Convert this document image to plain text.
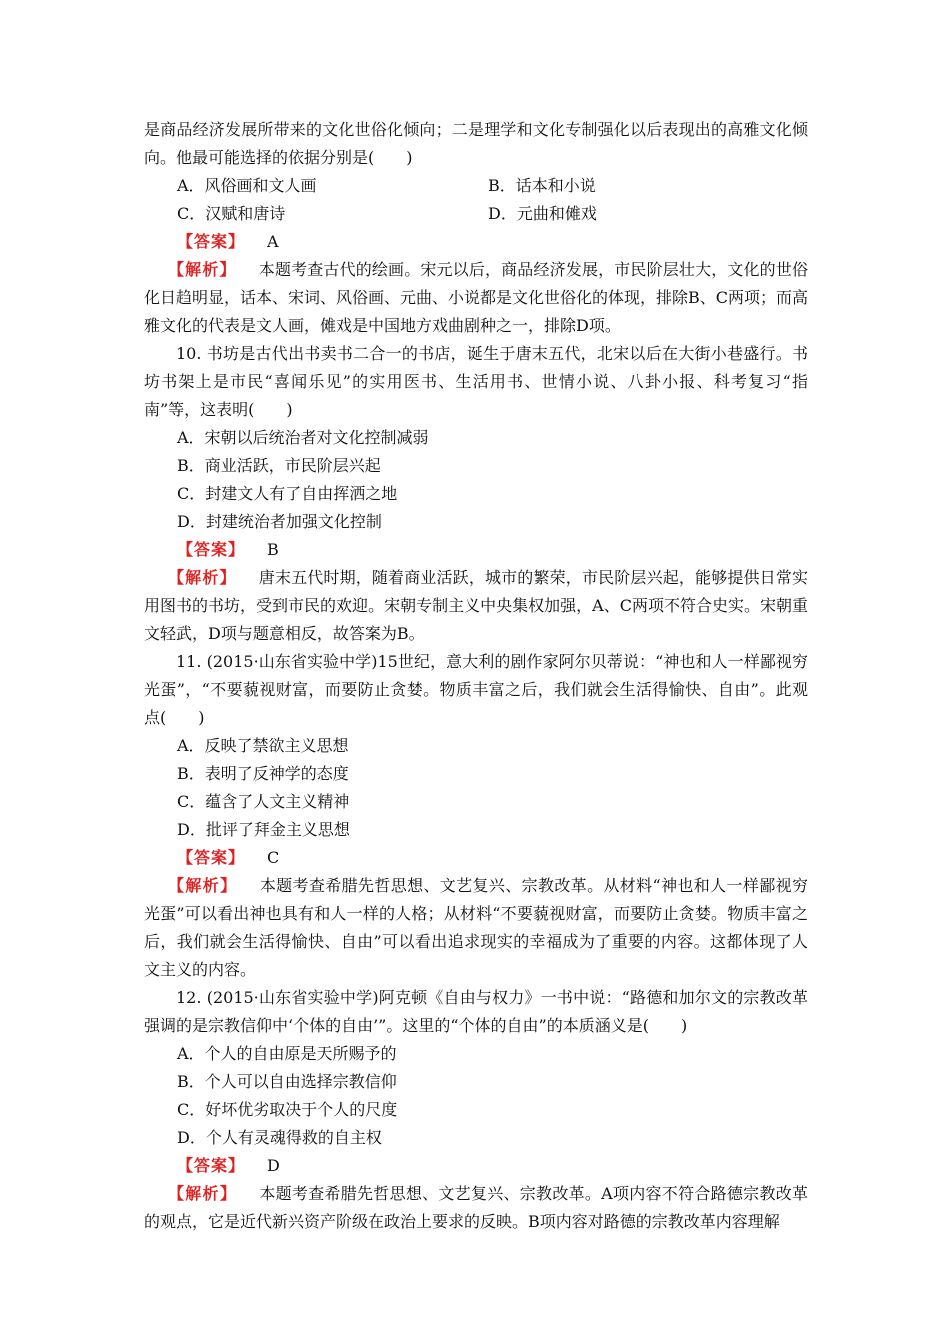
是商品经济发展所带来的文化世俗化倾向；二是理学和文化专制强化以后表现出的高雅文化倾向。他最可能选择的依据分别是(　　)

A．风俗画和文人画	B．话本和小说
C．汉赋和唐诗	D．元曲和傩戏
【答案】 A

【解析】 本题考查古代的绘画。宋元以后，商品经济发展，市民阶层壮大，文化的世俗化日趋明显，话本、宋词、风俗画、元曲、小说都是文化世俗化的体现，排除B、C两项；而高雅文化的代表是文人画，傩戏是中国地方戏曲剧种之一，排除D项。

10. 书坊是古代出书卖书二合一的书店，诞生于唐末五代，北宋以后在大街小巷盛行。书坊书架上是市民“喜闻乐见”的实用医书、生活用书、世情小说、八卦小报、科考复习“指南”等，这表明(　　)

A．宋朝以后统治者对文化控制减弱
B．商业活跃，市民阶层兴起
C．封建文人有了自由挥洒之地
D．封建统治者加强文化控制
【答案】 B

【解析】 唐末五代时期，随着商业活跃，城市的繁荣，市民阶层兴起，能够提供日常实用图书的书坊，受到市民的欢迎。宋朝专制主义中央集权加强，A、C两项不符合史实。宋朝重文轻武，D项与题意相反，故答案为B。

11. (2015·山东省实验中学)15世纪，意大利的剧作家阿尔贝蒂说：“神也和人一样鄙视穷光蛋”，“不要藐视财富，而要防止贪婪。物质丰富之后，我们就会生活得愉快、自由”。此观点(　　)

A．反映了禁欲主义思想
B．表明了反神学的态度
C．蕴含了人文主义精神
D．批评了拜金主义思想
【答案】 C

【解析】 本题考查希腊先哲思想、文艺复兴、宗教改革。从材料“神也和人一样鄙视穷光蛋”可以看出神也具有和人一样的人格；从材料“不要藐视财富，而要防止贪婪。物质丰富之后，我们就会生活得愉快、自由”可以看出追求现实的幸福成为了重要的内容。这都体现了人文主义的内容。

12. (2015·山东省实验中学)阿克顿《自由与权力》一书中说：“路德和加尔文的宗教改革强调的是宗教信仰中‘个体的自由’”。这里的“个体的自由”的本质涵义是(　　)

A．个人的自由原是天所赐予的
B．个人可以自由选择宗教信仰
C．好坏优劣取决于个人的尺度
D．个人有灵魂得救的自主权
【答案】 D

【解析】 本题考查希腊先哲思想、文艺复兴、宗教改革。A项内容不符合路德宗教改革的观点，它是近代新兴资产阶级在政治上要求的反映。B项内容对路德的宗教改革内容理解
